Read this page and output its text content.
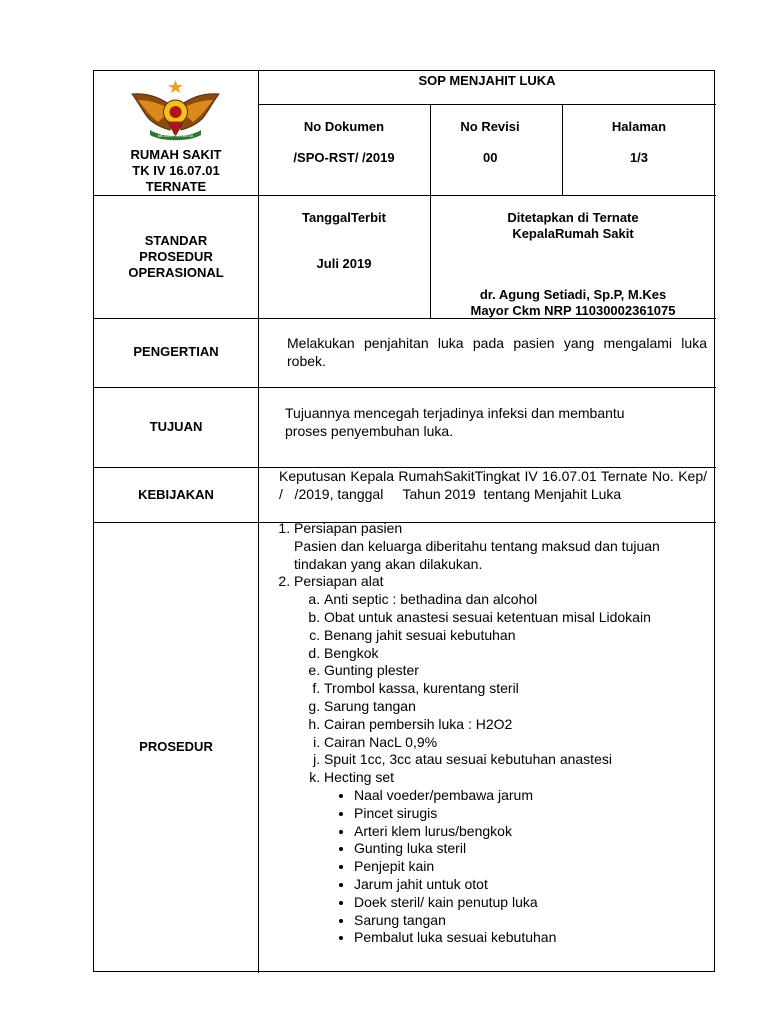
MESA AYYA LAKSA
RUMAH SAKIT
TK IV 16.07.01
TERNATE
SOP MENJAHIT LUKA
No Dokumen
/SPO-RST/ /2019
No Revisi
00
Halaman
1/3
STANDAR
PROSEDUR
OPERASIONAL
TanggalTerbit
Juli 2019
Ditetapkan di Ternate
KepalaRumah Sakit
dr. Agung Setiadi, Sp.P, M.Kes
Mayor Ckm NRP 11030002361075
PENGERTIAN
Melakukan penjahitan luka pada pasien yang mengalami luka robek.
TUJUAN
Tujuannya mencegah terjadinya infeksi dan membantu proses penyembuhan luka.
KEBIJAKAN
Keputusan Kepala RumahSakitTingkat IV 16.07.01 Ternate No. Kep/  /   /2019, tanggal     Tahun 2019  tentang Menjahit Luka
PROSEDUR
1. Persiapan pasien
Pasien dan keluarga diberitahu tentang maksud dan tujuan tindakan yang akan dilakukan.
2. Persiapan alat
a. Anti septic : bethadina dan alcohol
b. Obat untuk anastesi sesuai ketentuan misal Lidokain
c. Benang jahit sesuai kebutuhan
d. Bengkok
e. Gunting plester
f. Trombol kassa, kurentang steril
g. Sarung tangan
h. Cairan pembersih luka : H2O2
i. Cairan NacL 0,9%
j. Spuit 1cc, 3cc atau sesuai kebutuhan anastesi
k. Hecting set
• Naal voeder/pembawa jarum
• Pincet sirugis
• Arteri klem lurus/bengkok
• Gunting luka steril
• Penjepit kain
• Jarum jahit untuk otot
• Doek steril/ kain penutup luka
• Sarung tangan
• Pembalut luka sesuai kebutuhan
